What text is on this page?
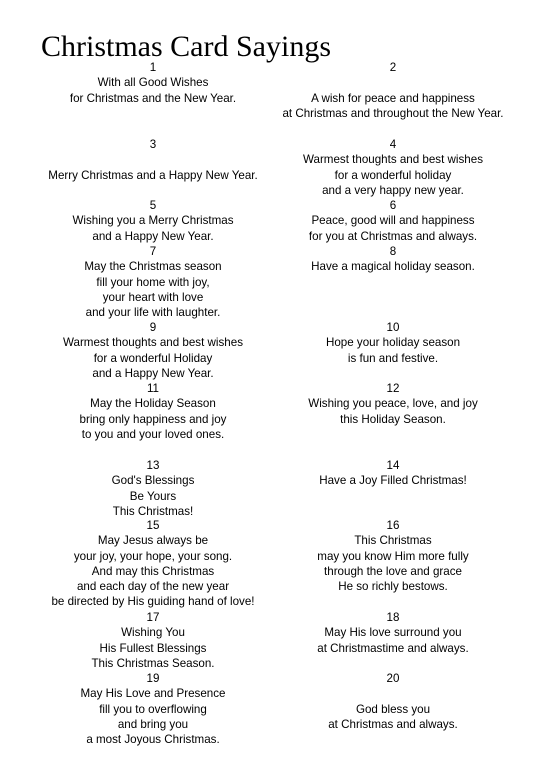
Christmas Card Sayings
1
With all Good Wishes
for Christmas and the New Year.
2
A wish for peace and happiness
at Christmas and throughout the New Year.
3
Merry Christmas and a Happy New Year.
4
Warmest thoughts and best wishes
for a wonderful holiday
and a very happy new year.
5
Wishing you a Merry Christmas
and a Happy New Year.
6
Peace, good will and happiness
for you at Christmas and always.
7
May the Christmas season
fill your home with joy,
your heart with love
and your life with laughter.
8
Have a magical holiday season.
9
Warmest thoughts and best wishes
for a wonderful Holiday
and a Happy New Year.
10
Hope your holiday season
is fun and festive.
11
May the Holiday Season
bring only happiness and joy
to you and your loved ones.
12
Wishing you peace, love, and joy
this Holiday Season.
13
God's Blessings
Be Yours
This Christmas!
14
Have a Joy Filled Christmas!
15
May Jesus always be
your joy, your hope, your song.
And may this Christmas
and each day of the new year
be directed by His guiding hand of love!
16
This Christmas
may you know Him more fully
through the love and grace
He so richly bestows.
17
Wishing You
His Fullest Blessings
This Christmas Season.
18
May His love surround you
at Christmastime and always.
19
May His Love and Presence
fill you to overflowing
and bring you
a most Joyous Christmas.
20
God bless you
at Christmas and always.
